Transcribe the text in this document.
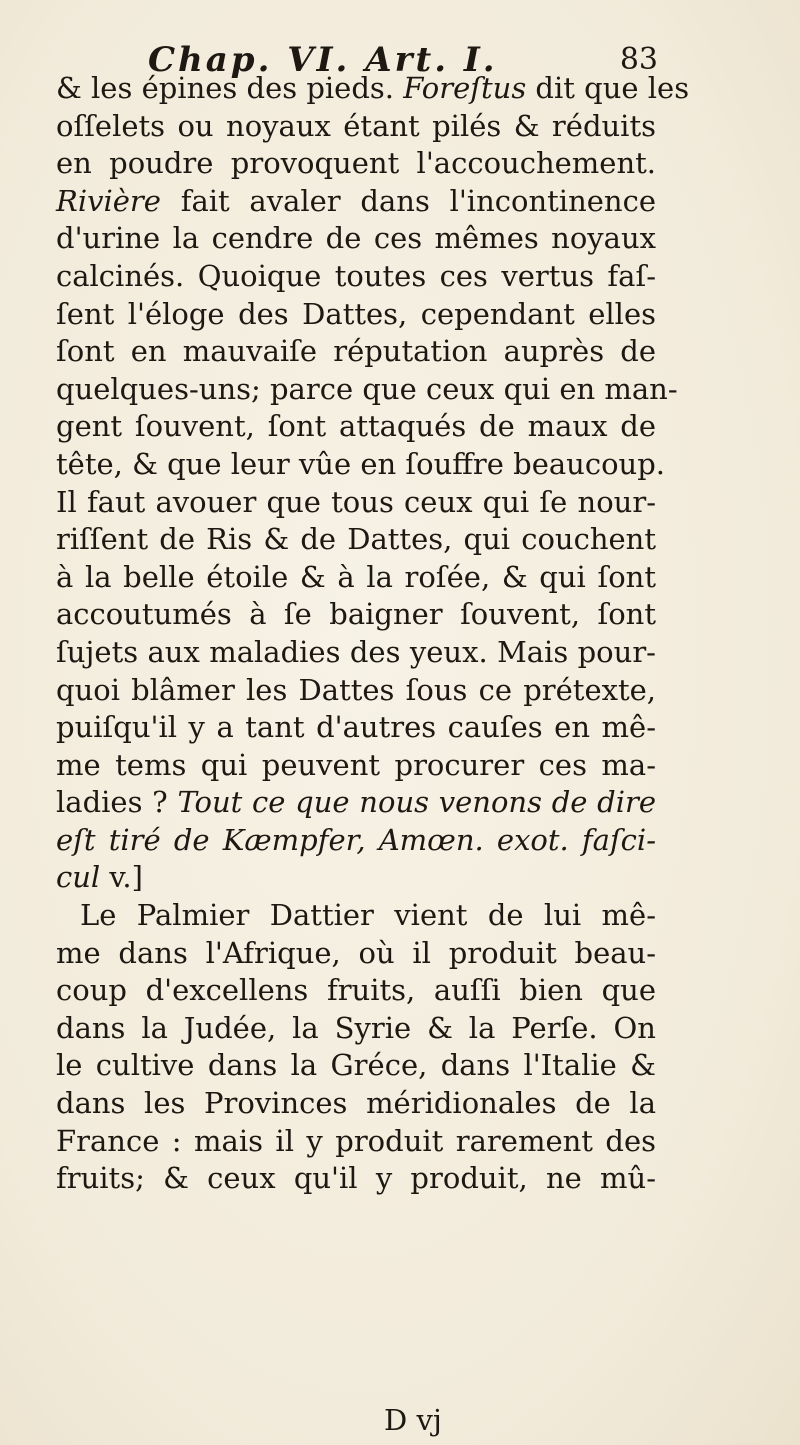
Chap. VI. Art. I.	83
& les épines des pieds. Foreſtus dit que les
oſſelets ou noyaux étant pilés & réduits
en poudre provoquent l'accouchement.
Rivière fait avaler dans l'incontinence
d'urine la cendre de ces mêmes noyaux
calcinés. Quoique toutes ces vertus faſ-
ſent l'éloge des Dattes, cependant elles
ſont en mauvaiſe réputation auprès de
quelques-uns; parce que ceux qui en man-
gent ſouvent, ſont attaqués de maux de
tête, & que leur vûe en ſouffre beaucoup.
Il faut avouer que tous ceux qui ſe nour-
riſſent de Ris & de Dattes, qui couchent
à la belle étoile & à la roſée, & qui ſont
accoutumés à ſe baigner ſouvent, ſont
ſujets aux maladies des yeux. Mais pour-
quoi blâmer les Dattes ſous ce prétexte,
puiſqu'il y a tant d'autres cauſes en mê-
me tems qui peuvent procurer ces ma-
ladies ? Tout ce que nous venons de dire
eſt tiré de Kæmpfer, Amœn. exot. faſci-
cul v.]
Le Palmier Dattier vient de lui mê-
me dans l'Afrique, où il produit beau-
coup d'excellens fruits, auſſi bien que
dans la Judée, la Syrie & la Perſe. On
le cultive dans la Gréce, dans l'Italie &
dans les Provinces méridionales de la
France : mais il y produit rarement des
fruits; & ceux qu'il y produit, ne mû-
D vj
